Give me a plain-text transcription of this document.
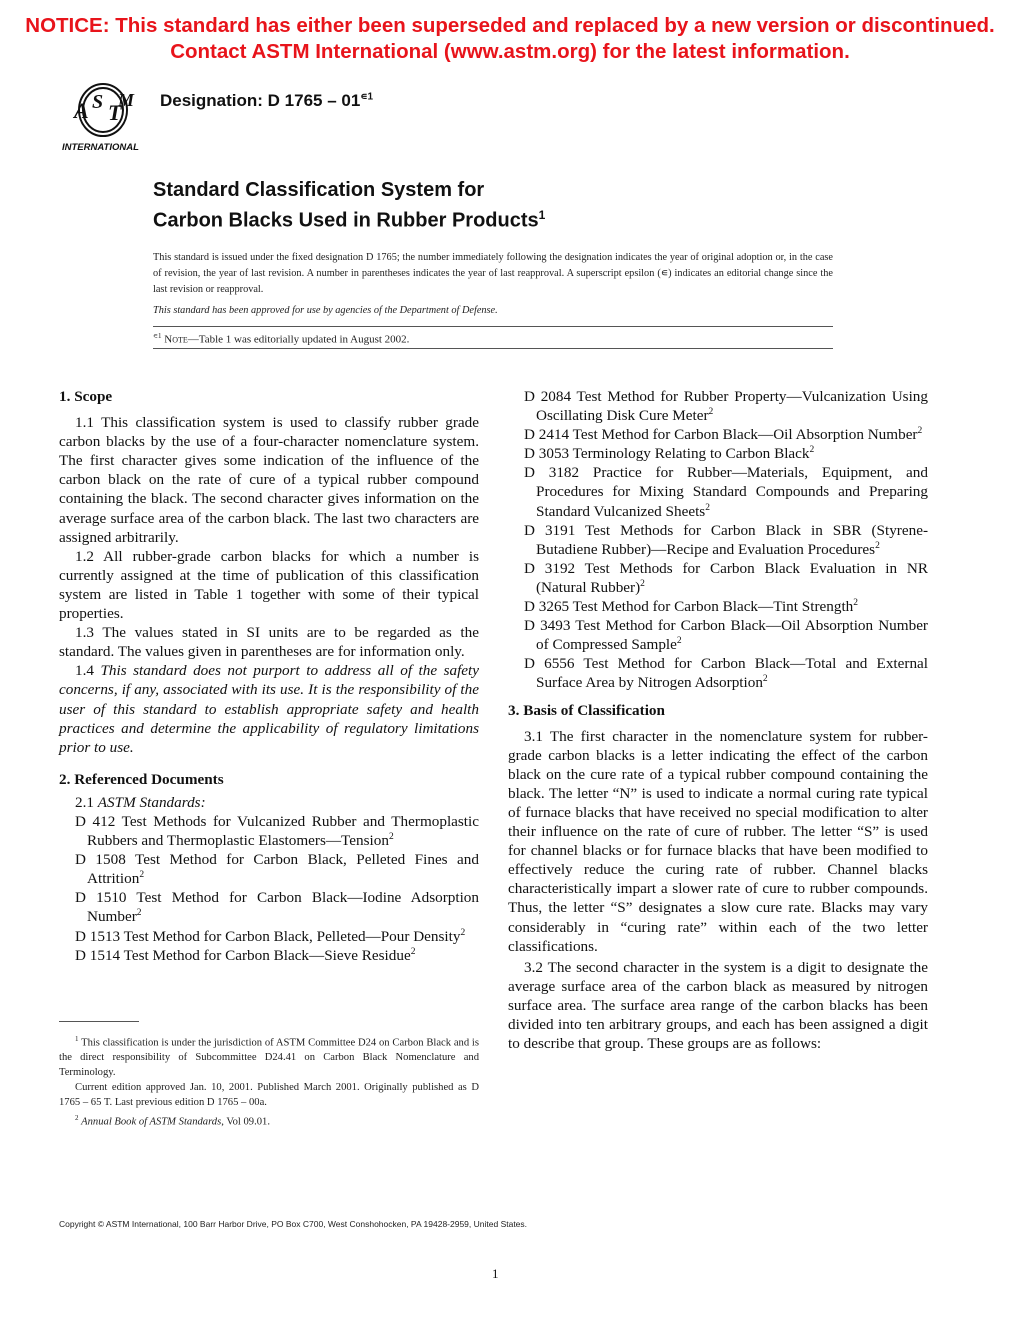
NOTICE: This standard has either been superseded and replaced by a new version or discontinued.
Contact ASTM International (www.astm.org) for the latest information.
A S T
M
INTERNATIONAL
Designation: D $1765 - 01^{∊1}$
Standard Classification System for
Carbon Blacks Used in Rubber Products$^1$
This standard is issued under the fixed designation D 1765; the number immediately following the designation indicates the year of original adoption or, in the case of revision, the year of last revision. A number in parentheses indicates the year of last reapproval. A superscript epsilon (∊) indicates an editorial change since the last revision or reapproval.
This standard has been approved for use by agencies of the Department of Defense.
$^{∊1}$ Note—Table 1 was editorially updated in August 2002.
1. Scope

1.1 This classification system is used to classify rubber grade carbon blacks by the use of a four-character nomenclature system. The first character gives some indication of the influence of the carbon black on the rate of cure of a typical rubber compound containing the black. The second character gives information on the average surface area of the carbon black. The last two characters are assigned arbitrarily.

1.2 All rubber-grade carbon blacks for which a number is currently assigned at the time of publication of this classification system are listed in Table 1 together with some of their typical properties.

1.3 The values stated in SI units are to be regarded as the standard. The values given in parentheses are for information only.

1.4 This standard does not purport to address all of the safety concerns, if any, associated with its use. It is the responsibility of the user of this standard to establish appropriate safety and health practices and determine the applicability of regulatory limitations prior to use.

2. Referenced Documents

2.1 ASTM Standards:

D 412 Test Methods for Vulcanized Rubber and Thermoplastic Rubbers and Thermoplastic Elastomers—Tension$^2$

D 1508 Test Method for Carbon Black, Pelleted Fines and Attrition$^2$

D 1510 Test Method for Carbon Black—Iodine Adsorption Number$^2$

D 1513 Test Method for Carbon Black, Pelleted—Pour Density$^2$

D 1514 Test Method for Carbon Black—Sieve Residue$^2$

$^1$ This classification is under the jurisdiction of ASTM Committee D24 on Carbon Black and is the direct responsibility of Subcommittee D24.41 on Carbon Black Nomenclature and Terminology.

Current edition approved Jan. 10, 2001. Published March 2001. Originally published as D 1765 – 65 T. Last previous edition D 1765 – 00a.

$^2$ Annual Book of ASTM Standards, Vol 09.01.

D 2084 Test Method for Rubber Property—Vulcanization Using Oscillating Disk Cure Meter$^2$

D 2414 Test Method for Carbon Black—Oil Absorption Number$^2$

D 3053 Terminology Relating to Carbon Black$^2$

D 3182 Practice for Rubber—Materials, Equipment, and Procedures for Mixing Standard Compounds and Preparing Standard Vulcanized Sheets$^2$

D 3191 Test Methods for Carbon Black in SBR (Styrene-Butadiene Rubber)—Recipe and Evaluation Procedures$^2$

D 3192 Test Methods for Carbon Black Evaluation in NR (Natural Rubber)$^2$

D 3265 Test Method for Carbon Black—Tint Strength$^2$

D 3493 Test Method for Carbon Black—Oil Absorption Number of Compressed Sample$^2$

D 6556 Test Method for Carbon Black—Total and External Surface Area by Nitrogen Adsorption$^2$

3. Basis of Classification

3.1 The first character in the nomenclature system for rubber-grade carbon blacks is a letter indicating the effect of the carbon black on the cure rate of a typical rubber compound containing the black. The letter “N” is used to indicate a normal curing rate typical of furnace blacks that have received no special modification to alter their influence on the rate of cure of rubber. The letter “S” is used for channel blacks or for furnace blacks that have been modified to effectively reduce the curing rate of rubber. Channel blacks characteristically impart a slower rate of cure to rubber compounds. Thus, the letter “S” designates a slow cure rate. Blacks may vary considerably in “curing rate” within each of the two letter classifications.

3.2 The second character in the system is a digit to designate the average surface area of the carbon black as measured by nitrogen surface area. The surface area range of the carbon blacks has been divided into ten arbitrary groups, and each has been assigned a digit to describe that group. These groups are as follows:

Copyright © ASTM International, 100 Barr Harbor Drive, PO Box C700, West Conshohocken, PA 19428-2959, United States.
1
